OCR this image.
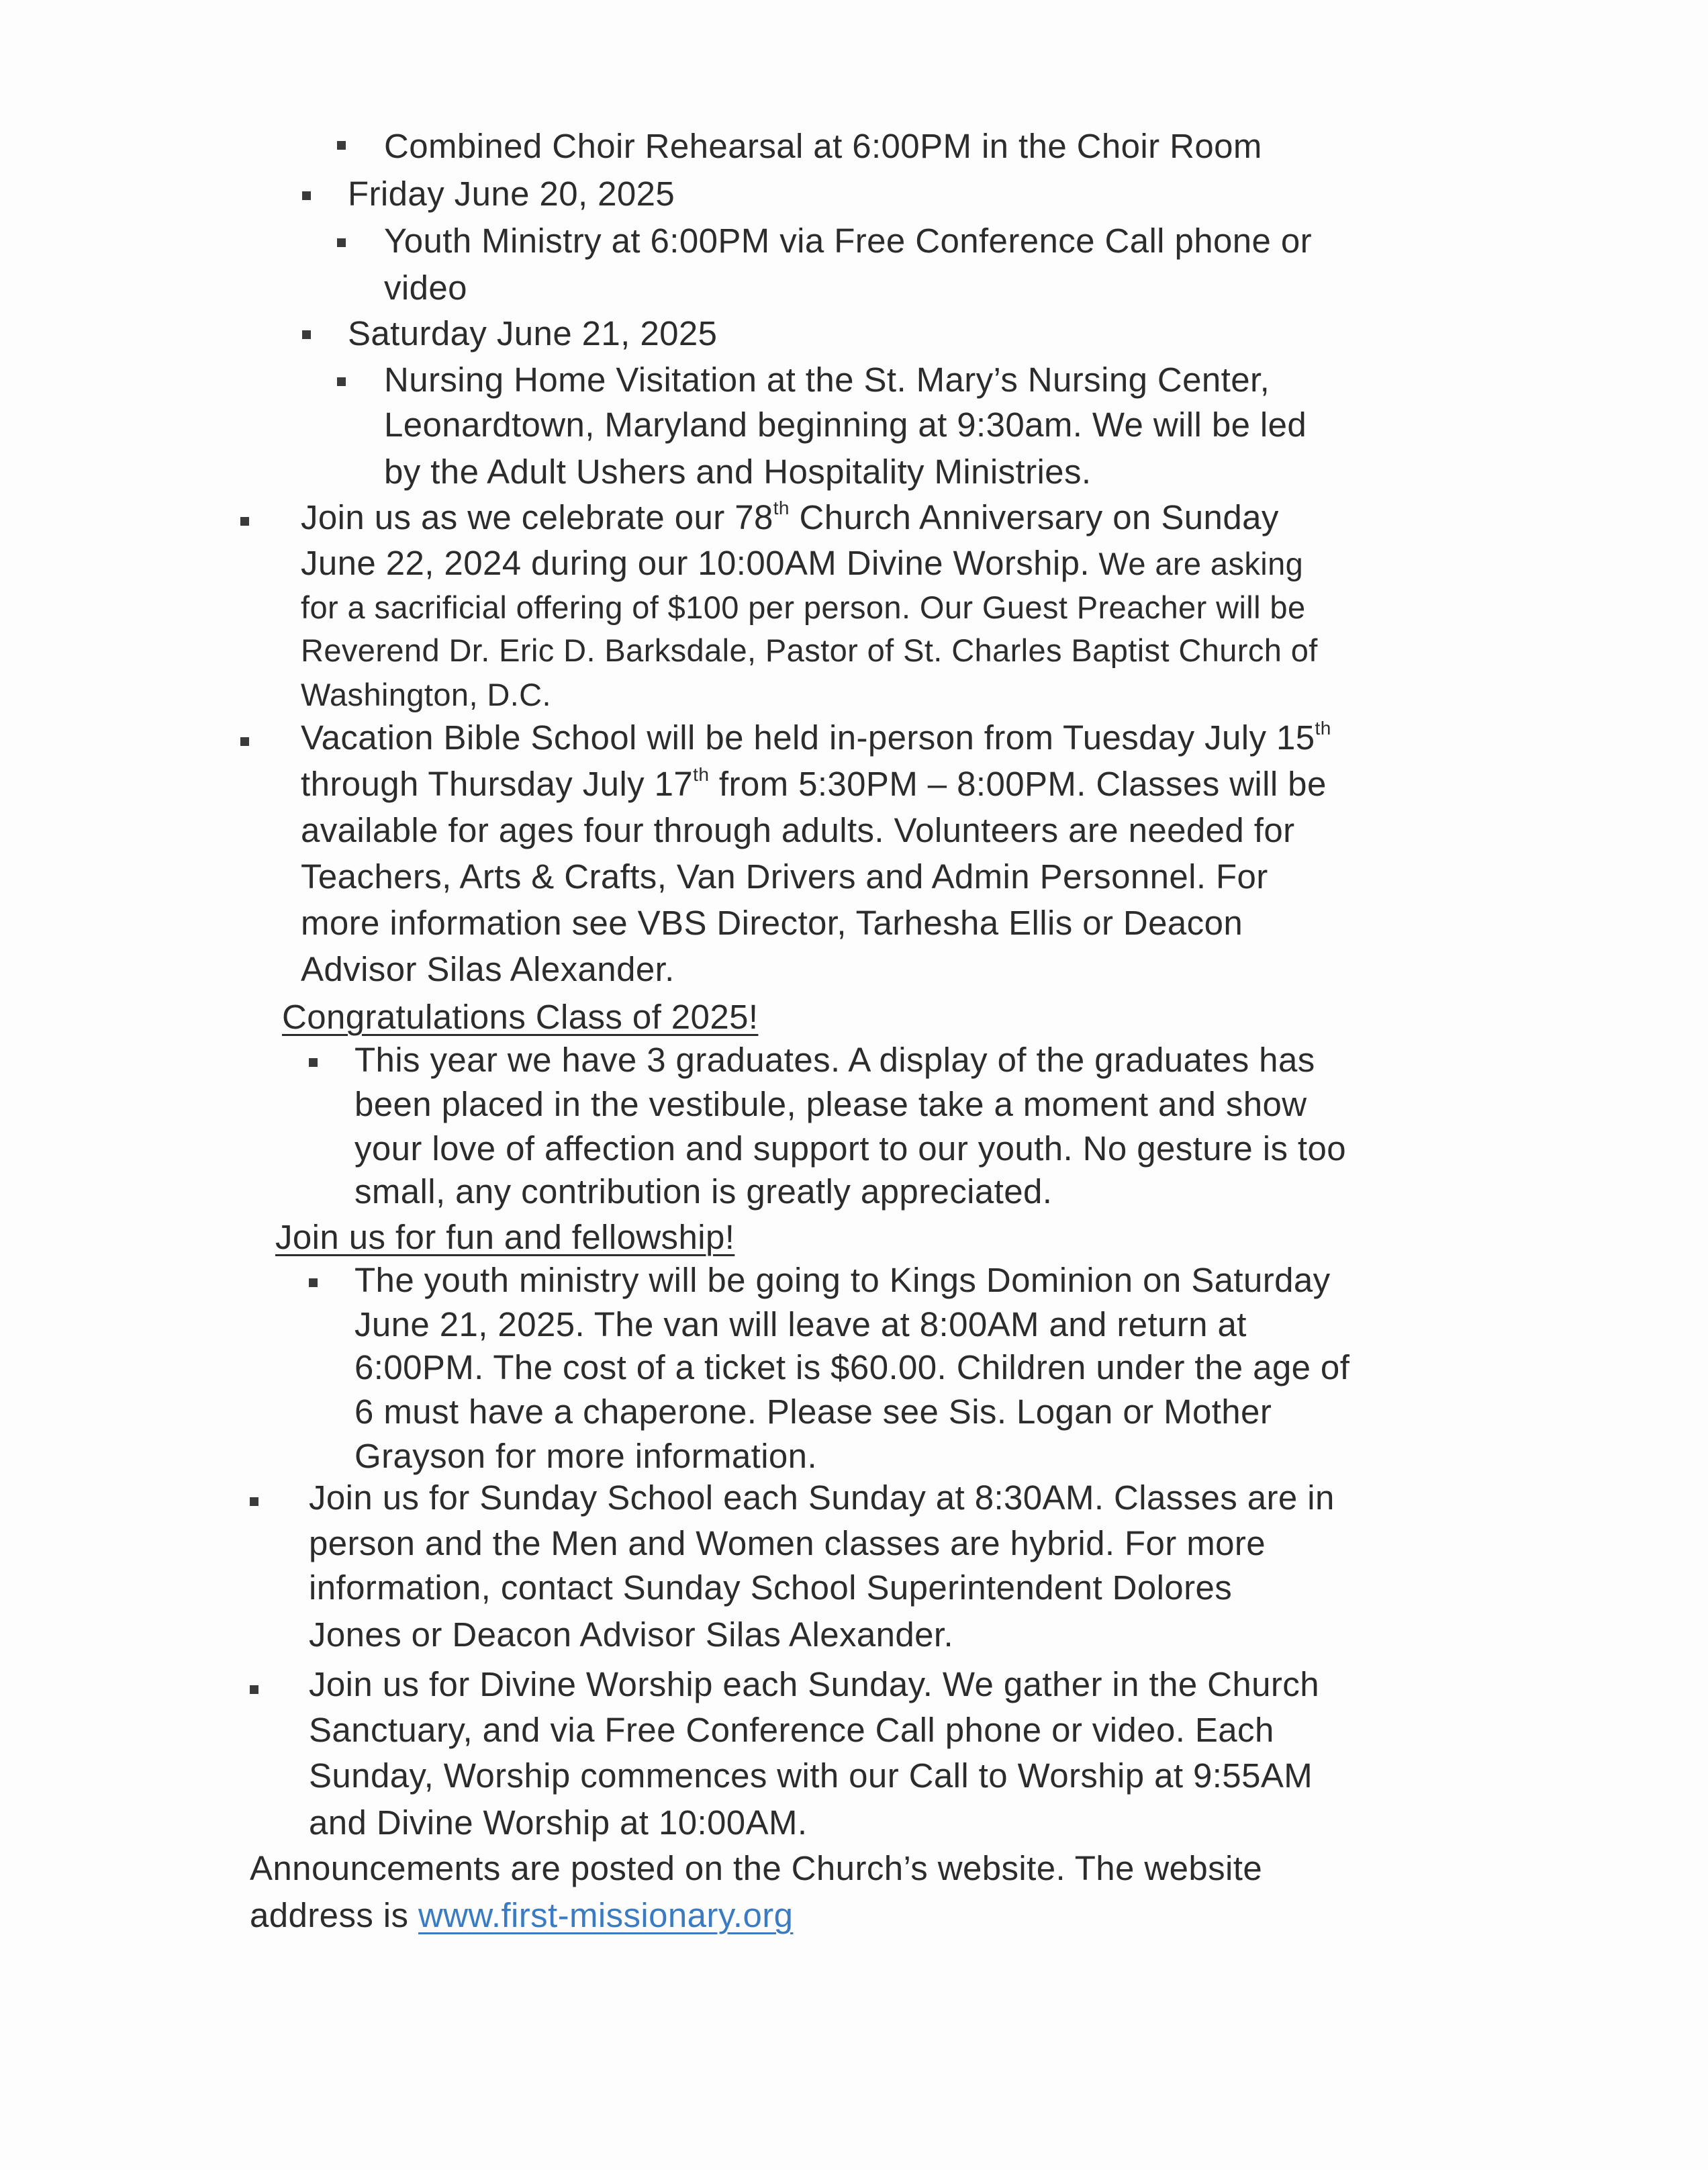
Combined Choir Rehearsal at 6:00PM in the Choir Room
Friday June 20, 2025
Youth Ministry at 6:00PM via Free Conference Call phone or
video
Saturday June 21, 2025
Nursing Home Visitation at the St. Mary’s Nursing Center,
Leonardtown, Maryland beginning at 9:30am. We will be led
by the Adult Ushers and Hospitality Ministries.
Join us as we celebrate our 78th Church Anniversary on Sunday
June 22, 2024 during our 10:00AM Divine Worship. We are asking
for a sacrificial offering of $100 per person. Our Guest Preacher will be
Reverend Dr. Eric D. Barksdale, Pastor of St. Charles Baptist Church of
Washington, D.C.
Vacation Bible School will be held in-person from Tuesday July 15th
through Thursday July 17th from 5:30PM – 8:00PM. Classes will be
available for ages four through adults. Volunteers are needed for
Teachers, Arts & Crafts, Van Drivers and Admin Personnel. For
more information see VBS Director, Tarhesha Ellis or Deacon
Advisor Silas Alexander.
Congratulations Class of 2025!
This year we have 3 graduates. A display of the graduates has
been placed in the vestibule, please take a moment and show
your love of affection and support to our youth. No gesture is too
small, any contribution is greatly appreciated.
Join us for fun and fellowship!
The youth ministry will be going to Kings Dominion on Saturday
June 21, 2025. The van will leave at 8:00AM and return at
6:00PM. The cost of a ticket is $60.00. Children under the age of
6 must have a chaperone. Please see Sis. Logan or Mother
Grayson for more information.
Join us for Sunday School each Sunday at 8:30AM. Classes are in
person and the Men and Women classes are hybrid. For more
information, contact Sunday School Superintendent Dolores
Jones or Deacon Advisor Silas Alexander.
Join us for Divine Worship each Sunday. We gather in the Church
Sanctuary, and via Free Conference Call phone or video. Each
Sunday, Worship commences with our Call to Worship at 9:55AM
and Divine Worship at 10:00AM.
Announcements are posted on the Church’s website. The website
address is www.first-missionary.org
